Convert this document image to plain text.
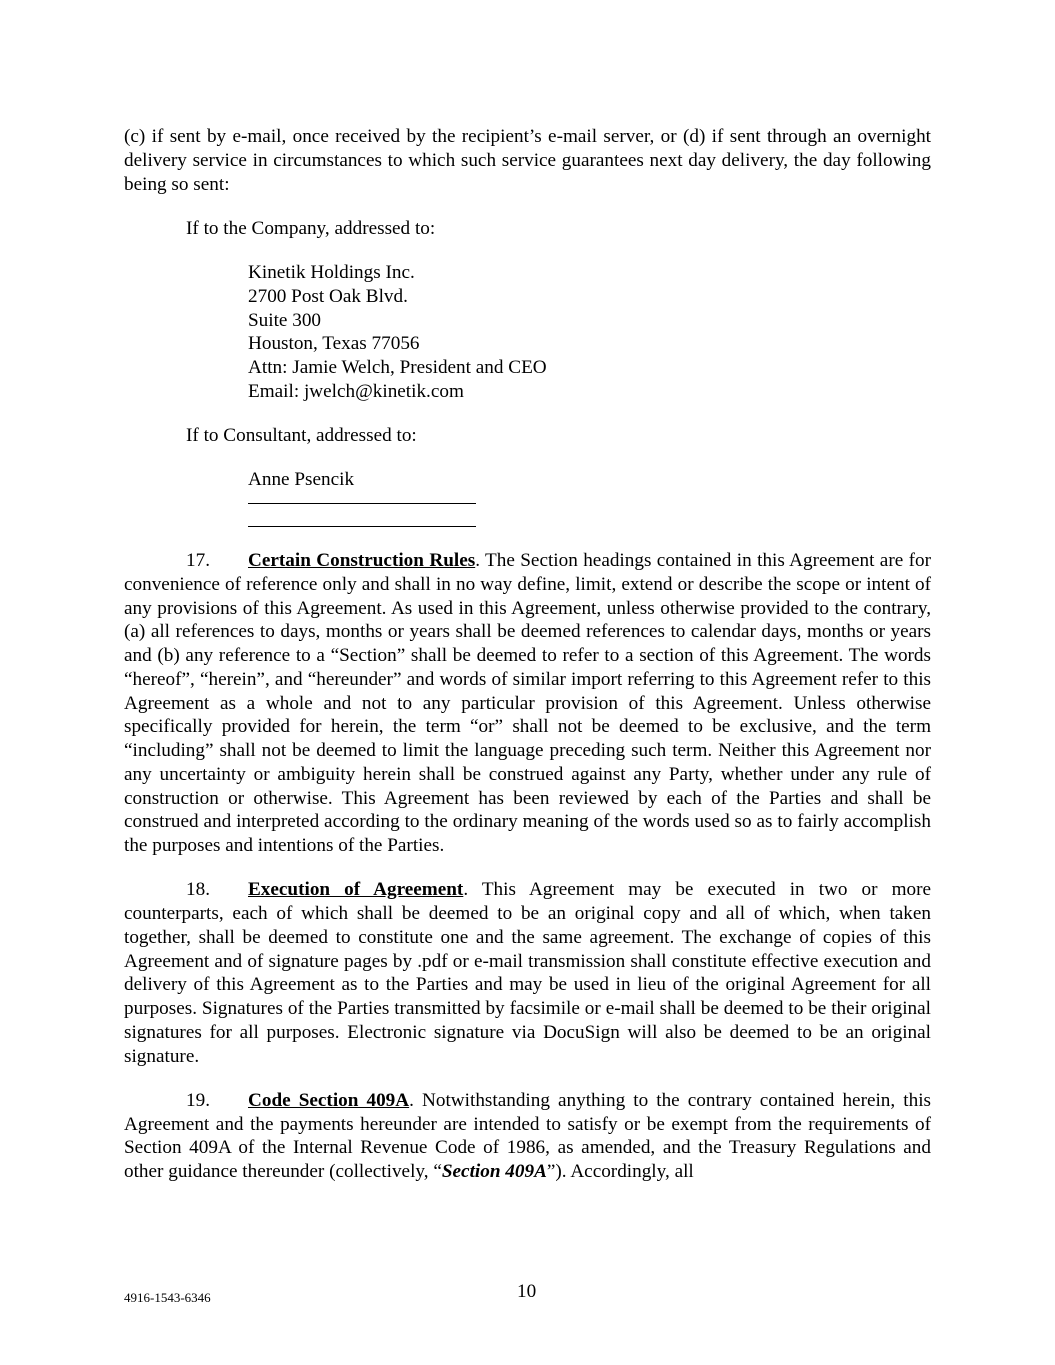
(c) if sent by e-mail, once received by the recipient’s e-mail server, or (d) if sent through an overnight delivery service in circumstances to which such service guarantees next day delivery, the day following being so sent:

If to the Company, addressed to:

Kinetik Holdings Inc.

2700 Post Oak Blvd.

Suite 300

Houston, Texas 77056

Attn: Jamie Welch, President and CEO

Email: jwelch@kinetik.com

If to Consultant, addressed to:

Anne Psencik

17. Certain Construction Rules. The Section headings contained in this Agreement are for convenience of reference only and shall in no way define, limit, extend or describe the scope or intent of any provisions of this Agreement. As used in this Agreement, unless otherwise provided to the contrary, (a) all references to days, months or years shall be deemed references to calendar days, months or years and (b) any reference to a “Section” shall be deemed to refer to a section of this Agreement. The words “hereof”, “herein”, and “hereunder” and words of similar import referring to this Agreement refer to this Agreement as a whole and not to any particular provision of this Agreement. Unless otherwise specifically provided for herein, the term “or” shall not be deemed to be exclusive, and the term “including” shall not be deemed to limit the language preceding such term. Neither this Agreement nor any uncertainty or ambiguity herein shall be construed against any Party, whether under any rule of construction or otherwise. This Agreement has been reviewed by each of the Parties and shall be construed and interpreted according to the ordinary meaning of the words used so as to fairly accomplish the purposes and intentions of the Parties.

18. Execution of Agreement. This Agreement may be executed in two or more counterparts, each of which shall be deemed to be an original copy and all of which, when taken together, shall be deemed to constitute one and the same agreement. The exchange of copies of this Agreement and of signature pages by .pdf or e-mail transmission shall constitute effective execution and delivery of this Agreement as to the Parties and may be used in lieu of the original Agreement for all purposes. Signatures of the Parties transmitted by facsimile or e-mail shall be deemed to be their original signatures for all purposes. Electronic signature via DocuSign will also be deemed to be an original signature.

19. Code Section 409A. Notwithstanding anything to the contrary contained herein, this Agreement and the payments hereunder are intended to satisfy or be exempt from the requirements of Section 409A of the Internal Revenue Code of 1986, as amended, and the Treasury Regulations and other guidance thereunder (collectively, “Section 409A”). Accordingly, all

4916-1543-6346	10
